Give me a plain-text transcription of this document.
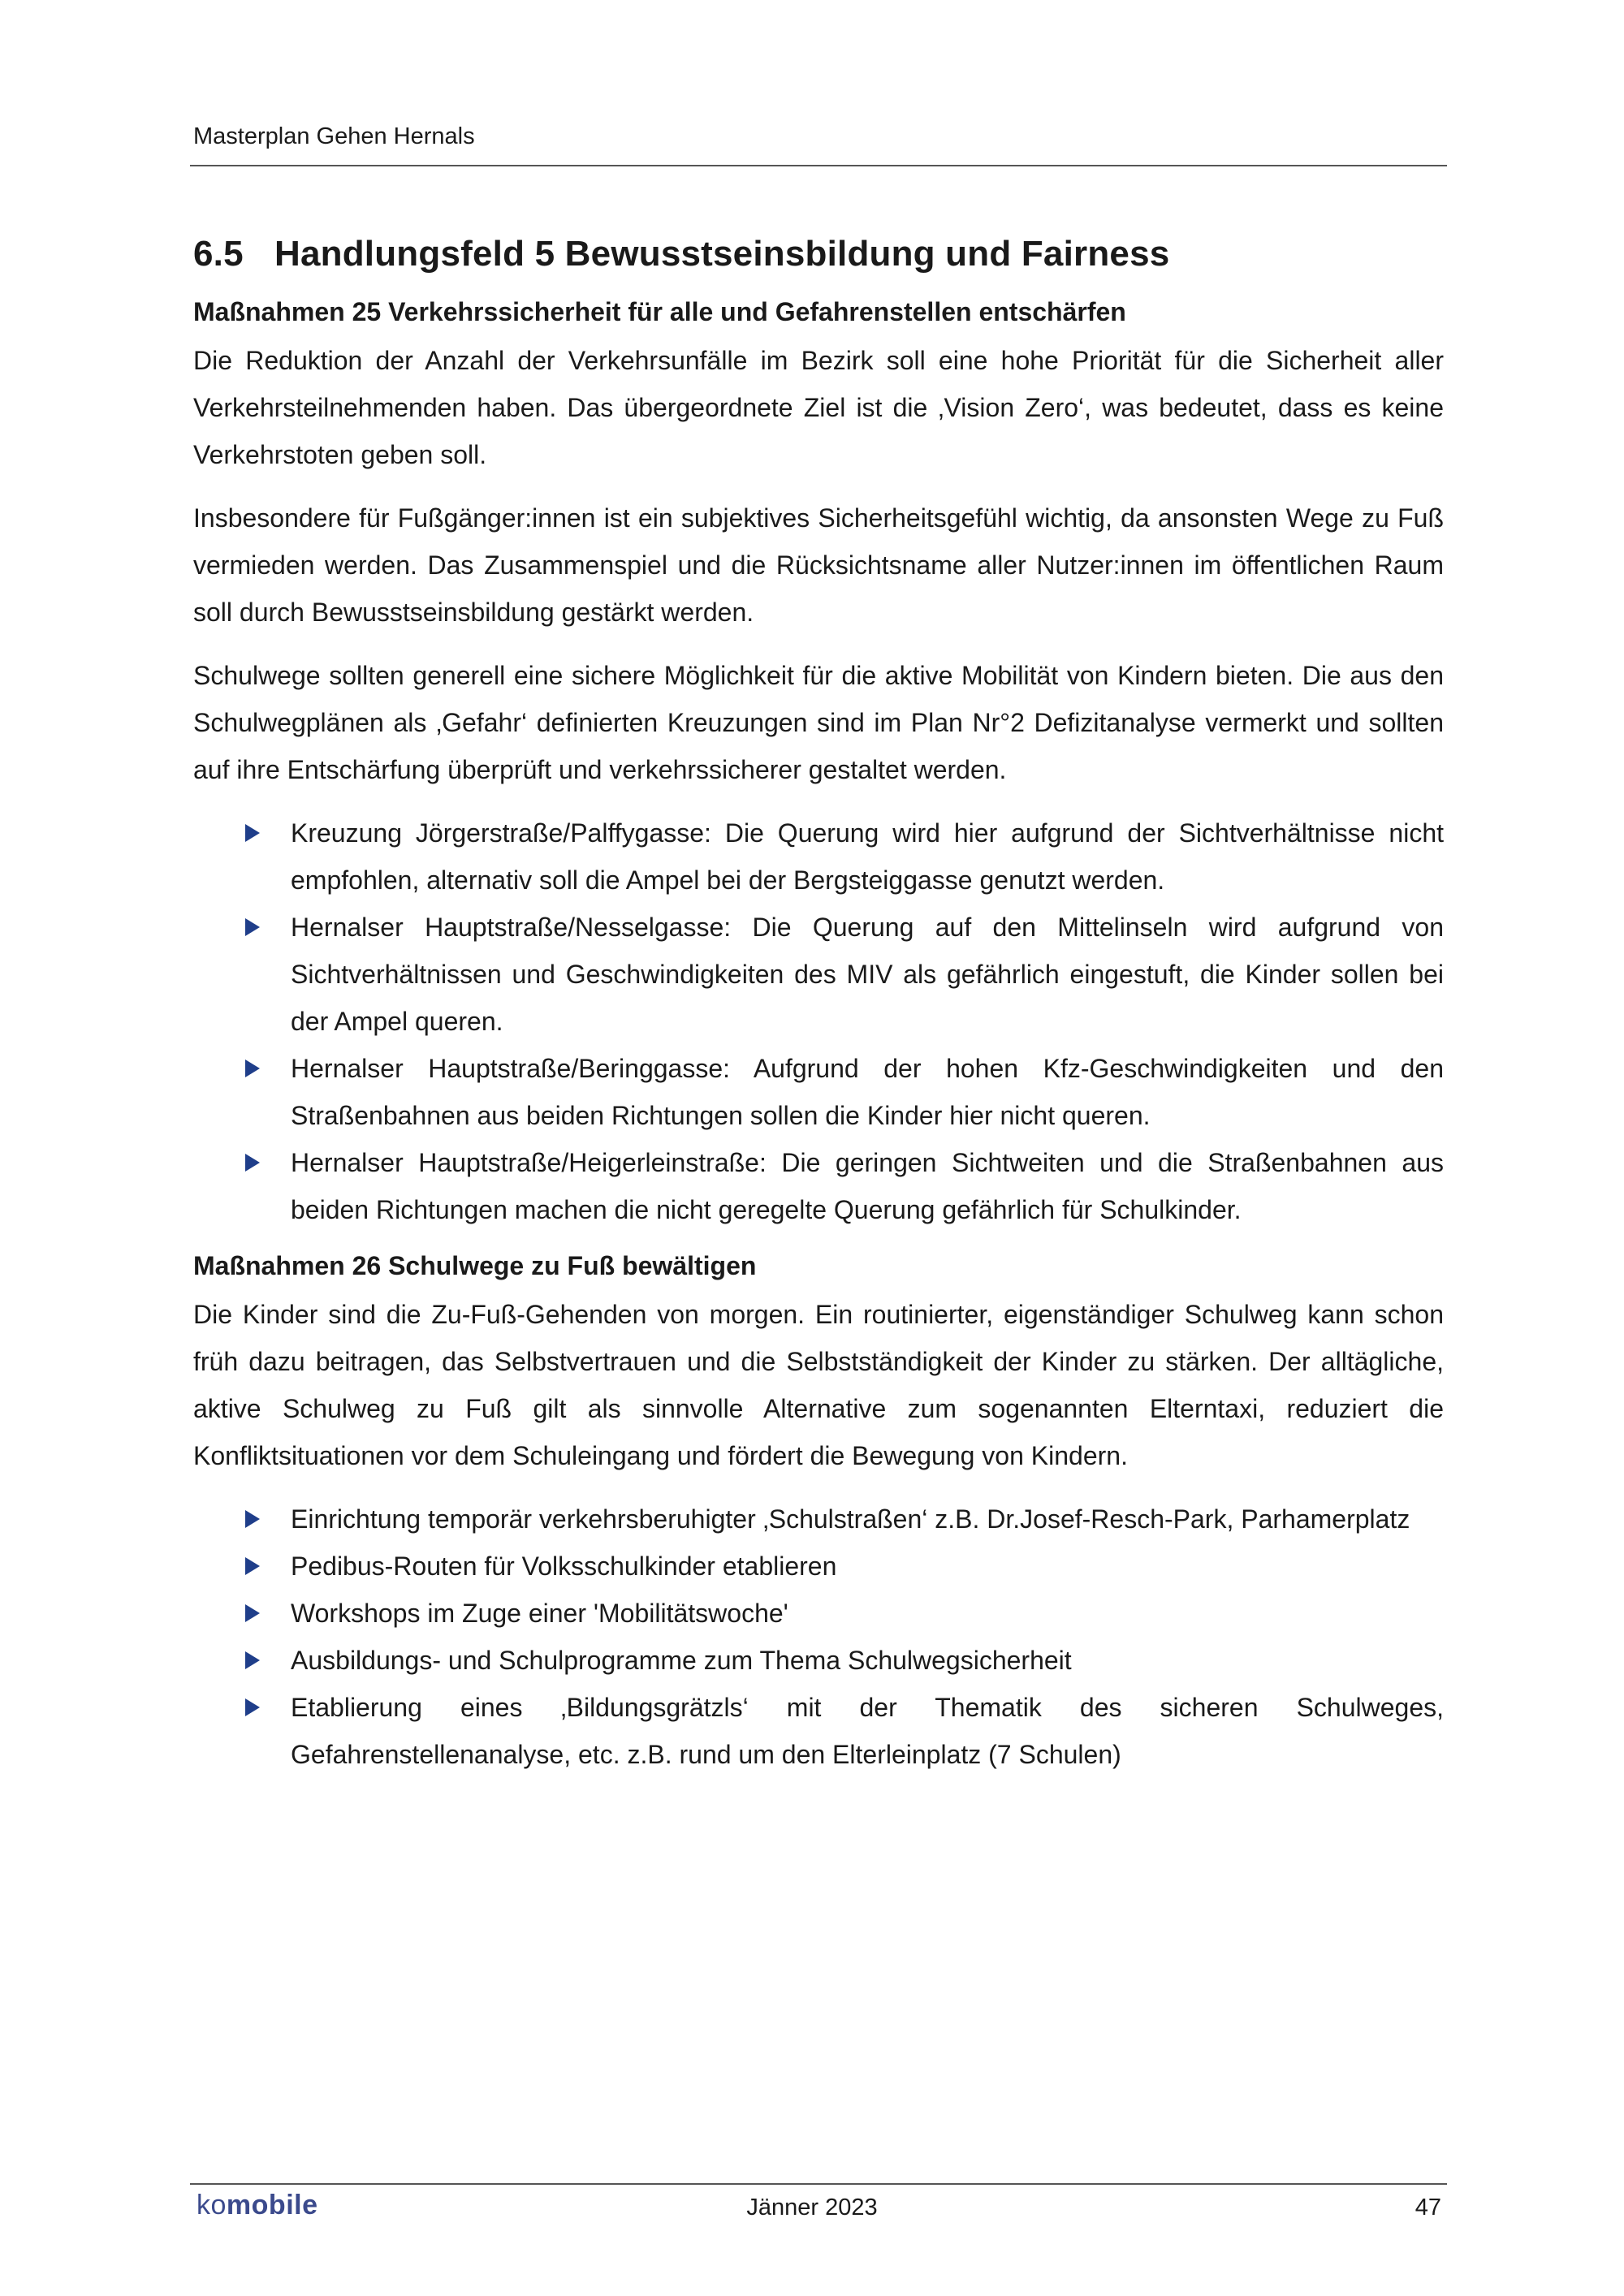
Masterplan Gehen Hernals
6.5 Handlungsfeld 5 Bewusstseinsbildung und Fairness
Maßnahmen 25 Verkehrssicherheit für alle und Gefahrenstellen entschärfen

Die Reduktion der Anzahl der Verkehrsunfälle im Bezirk soll eine hohe Priorität für die Sicherheit aller Verkehrsteilnehmenden haben. Das übergeordnete Ziel ist die ‚Vision Zero‘, was bedeutet, dass es keine Verkehrstoten geben soll.

Insbesondere für Fußgänger:innen ist ein subjektives Sicherheitsgefühl wichtig, da ansonsten Wege zu Fuß vermieden werden. Das Zusammenspiel und die Rücksichtsname aller Nutzer:innen im öffentlichen Raum soll durch Bewusstseinsbildung gestärkt werden.

Schulwege sollten generell eine sichere Möglichkeit für die aktive Mobilität von Kindern bieten. Die aus den Schulwegplänen als ‚Gefahr‘ definierten Kreuzungen sind im Plan Nr°2 Defizitanalyse vermerkt und sollten auf ihre Entschärfung überprüft und verkehrssicherer gestaltet werden.

Kreuzung Jörgerstraße/Palffygasse: Die Querung wird hier aufgrund der Sichtverhältnisse nicht empfohlen, alternativ soll die Ampel bei der Bergsteiggasse genutzt werden.
Hernalser Hauptstraße/Nesselgasse: Die Querung auf den Mittelinseln wird aufgrund von Sichtverhältnissen und Geschwindigkeiten des MIV als gefährlich eingestuft, die Kinder sollen bei der Ampel queren.
Hernalser Hauptstraße/Beringgasse: Aufgrund der hohen Kfz-Geschwindigkeiten und den Straßenbahnen aus beiden Richtungen sollen die Kinder hier nicht queren.
Hernalser Hauptstraße/Heigerleinstraße: Die geringen Sichtweiten und die Straßenbahnen aus beiden Richtungen machen die nicht geregelte Querung gefährlich für Schulkinder.
Maßnahmen 26 Schulwege zu Fuß bewältigen

Die Kinder sind die Zu-Fuß-Gehenden von morgen. Ein routinierter, eigenständiger Schulweg kann schon früh dazu beitragen, das Selbstvertrauen und die Selbstständigkeit der Kinder zu stärken. Der alltägliche, aktive Schulweg zu Fuß gilt als sinnvolle Alternative zum sogenannten Elterntaxi, reduziert die Konfliktsituationen vor dem Schuleingang und fördert die Bewegung von Kindern.

Einrichtung temporär verkehrsberuhigter ‚Schulstraßen‘ z.B. Dr.Josef-Resch-Park, Parhamerplatz
Pedibus-Routen für Volksschulkinder etablieren
Workshops im Zuge einer 'Mobilitätswoche'
Ausbildungs- und Schulprogramme zum Thema Schulwegsicherheit
Etablierung eines ‚Bildungsgrätzls‘ mit der Thematik des sicheren Schulweges, Gefahrenstellenanalyse, etc. z.B. rund um den Elterleinplatz (7 Schulen)
komobile	Jänner 2023	47
